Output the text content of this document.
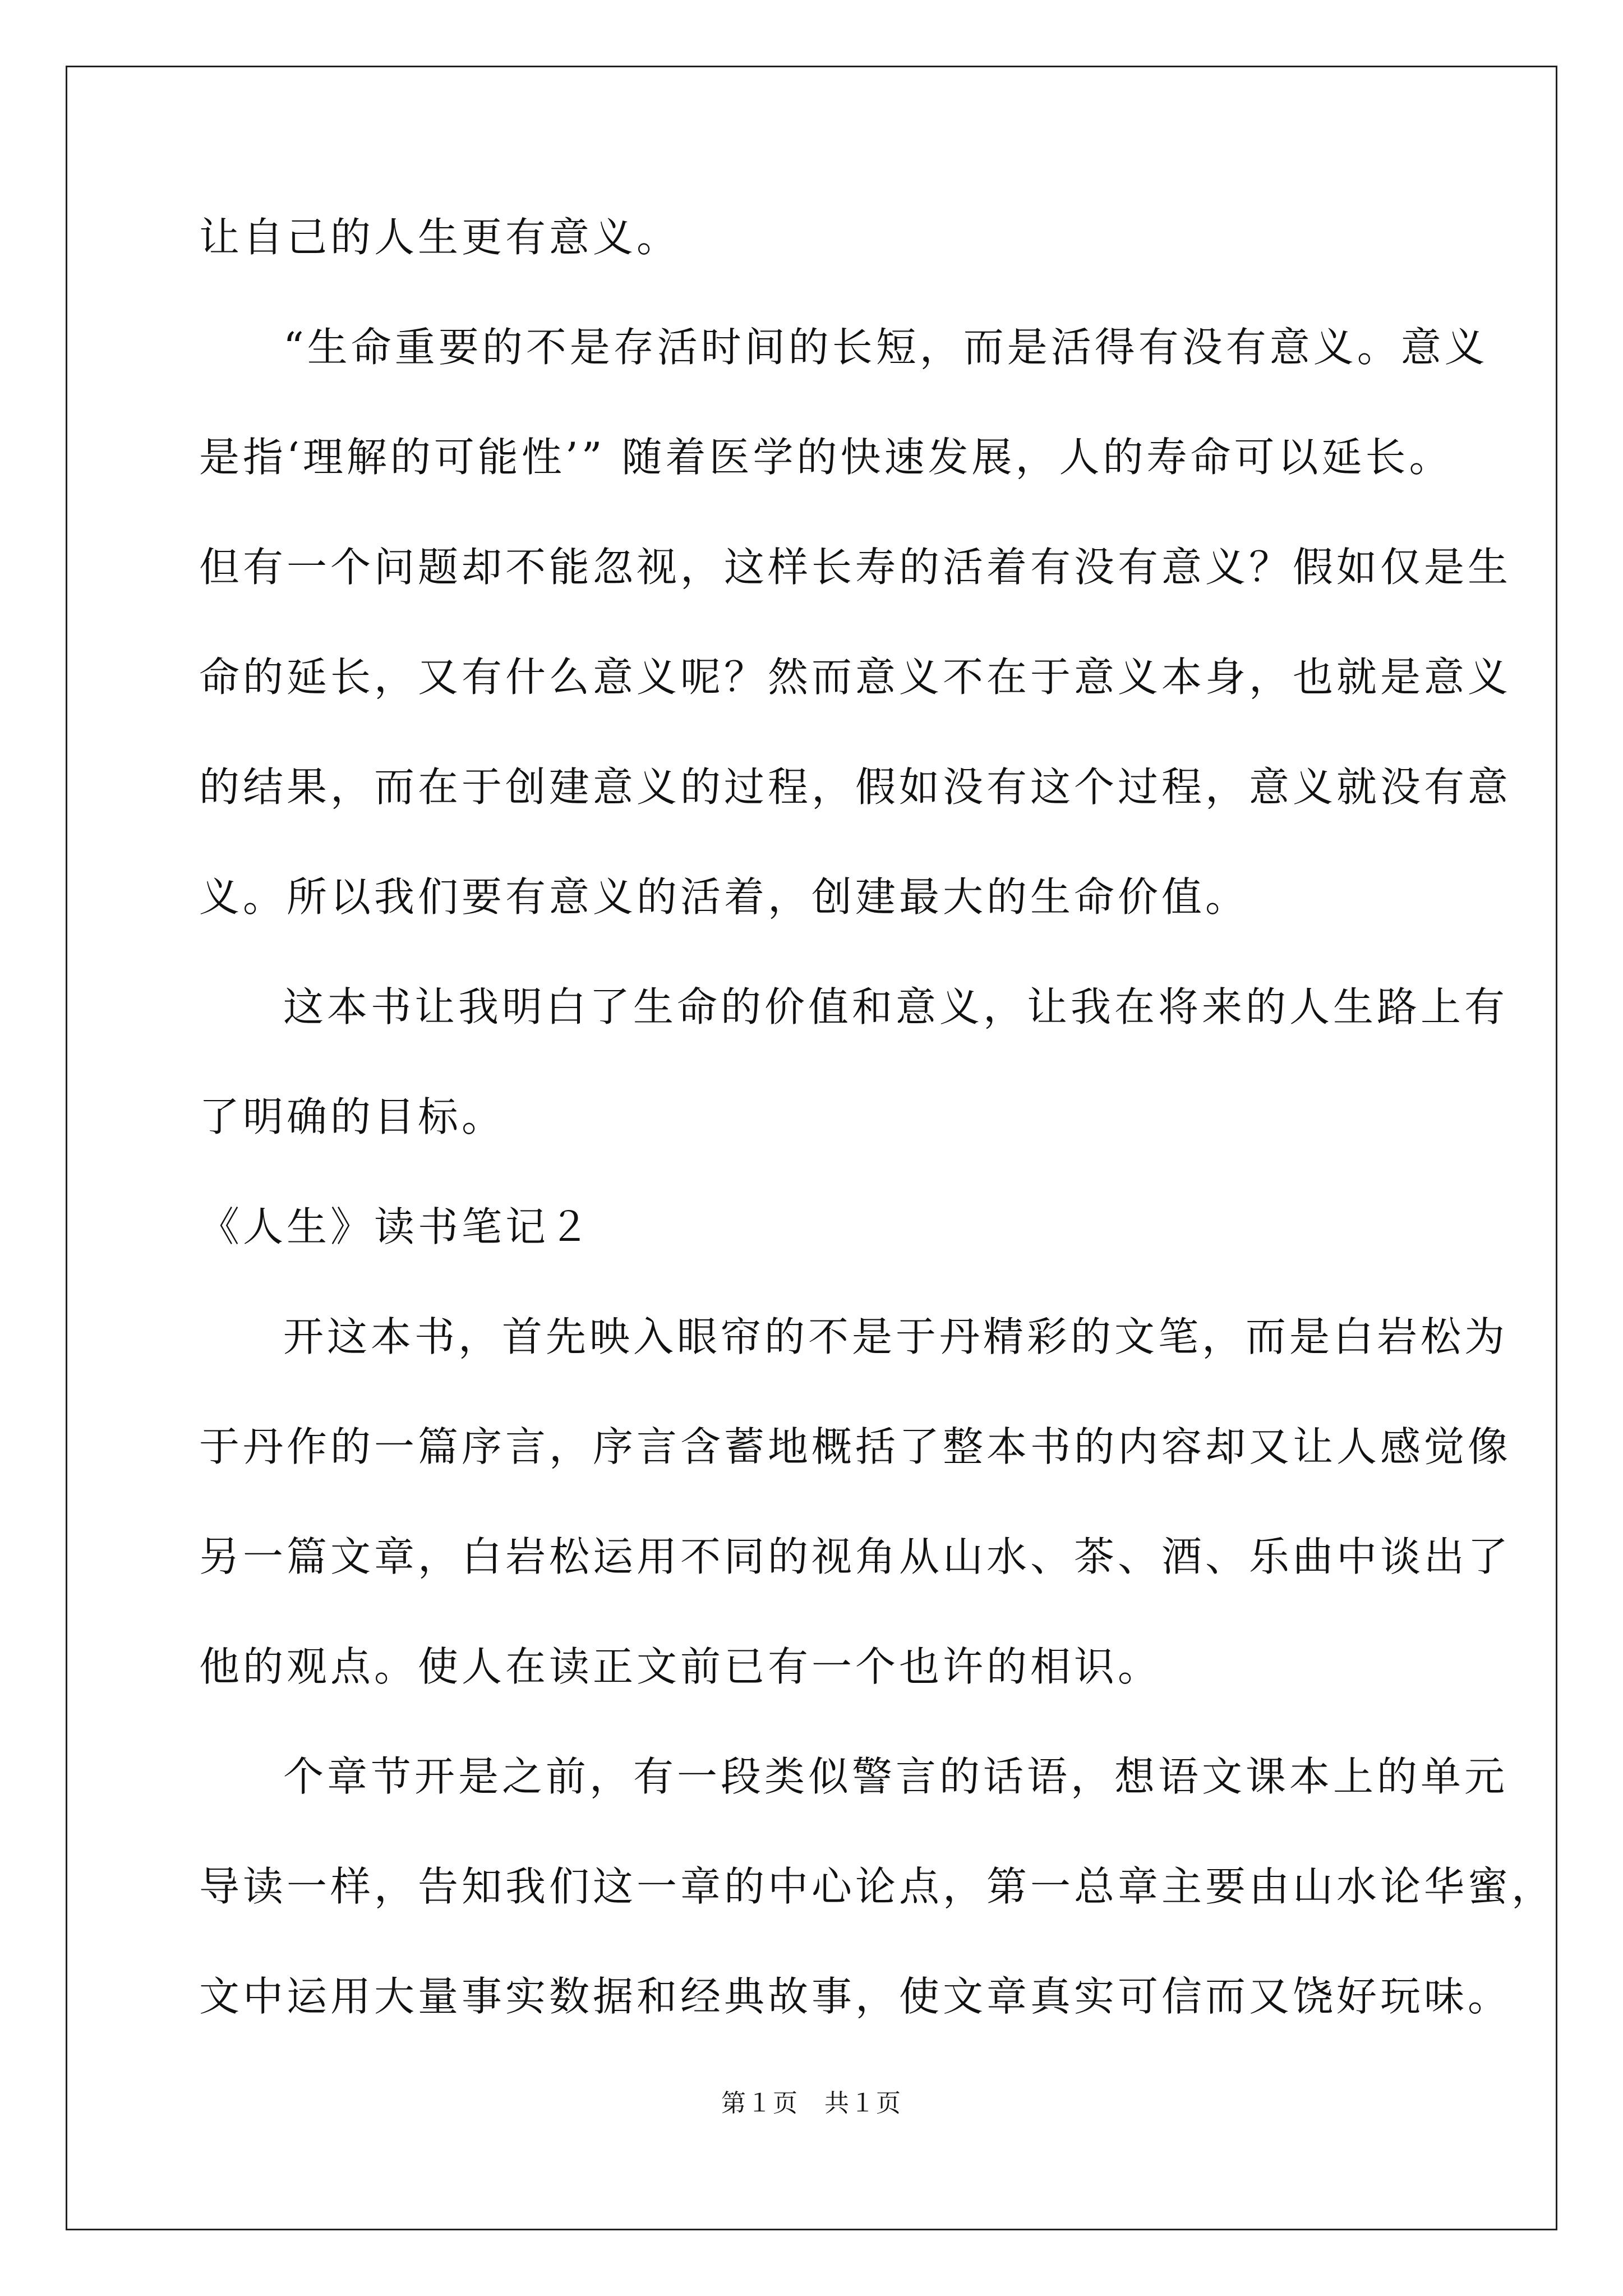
让自己的人生更有意义。
“生命重要的不是存活时间的长短，而是活得有没有意义。意义
是指‘理解的可能性’” 随着医学的快速发展，人的寿命可以延长。
但有一个问题却不能忽视，这样长寿的活着有没有意义？假如仅是生
命的延长，又有什么意义呢？然而意义不在于意义本身，也就是意义
的结果，而在于创建意义的过程，假如没有这个过程，意义就没有意
义。所以我们要有意义的活着，创建最大的生命价值。
这本书让我明白了生命的价值和意义，让我在将来的人生路上有
了明确的目标。
《人生》读书笔记２
开这本书，首先映入眼帘的不是于丹精彩的文笔，而是白岩松为
于丹作的一篇序言，序言含蓄地概括了整本书的内容却又让人感觉像
另一篇文章，白岩松运用不同的视角从山水、茶、酒、乐曲中谈出了
他的观点。使人在读正文前已有一个也许的相识。
个章节开是之前，有一段类似警言的话语，想语文课本上的单元
导读一样，告知我们这一章的中心论点，第一总章主要由山水论华蜜，
文中运用大量事实数据和经典故事，使文章真实可信而又饶好玩味。
第１页　共１页
